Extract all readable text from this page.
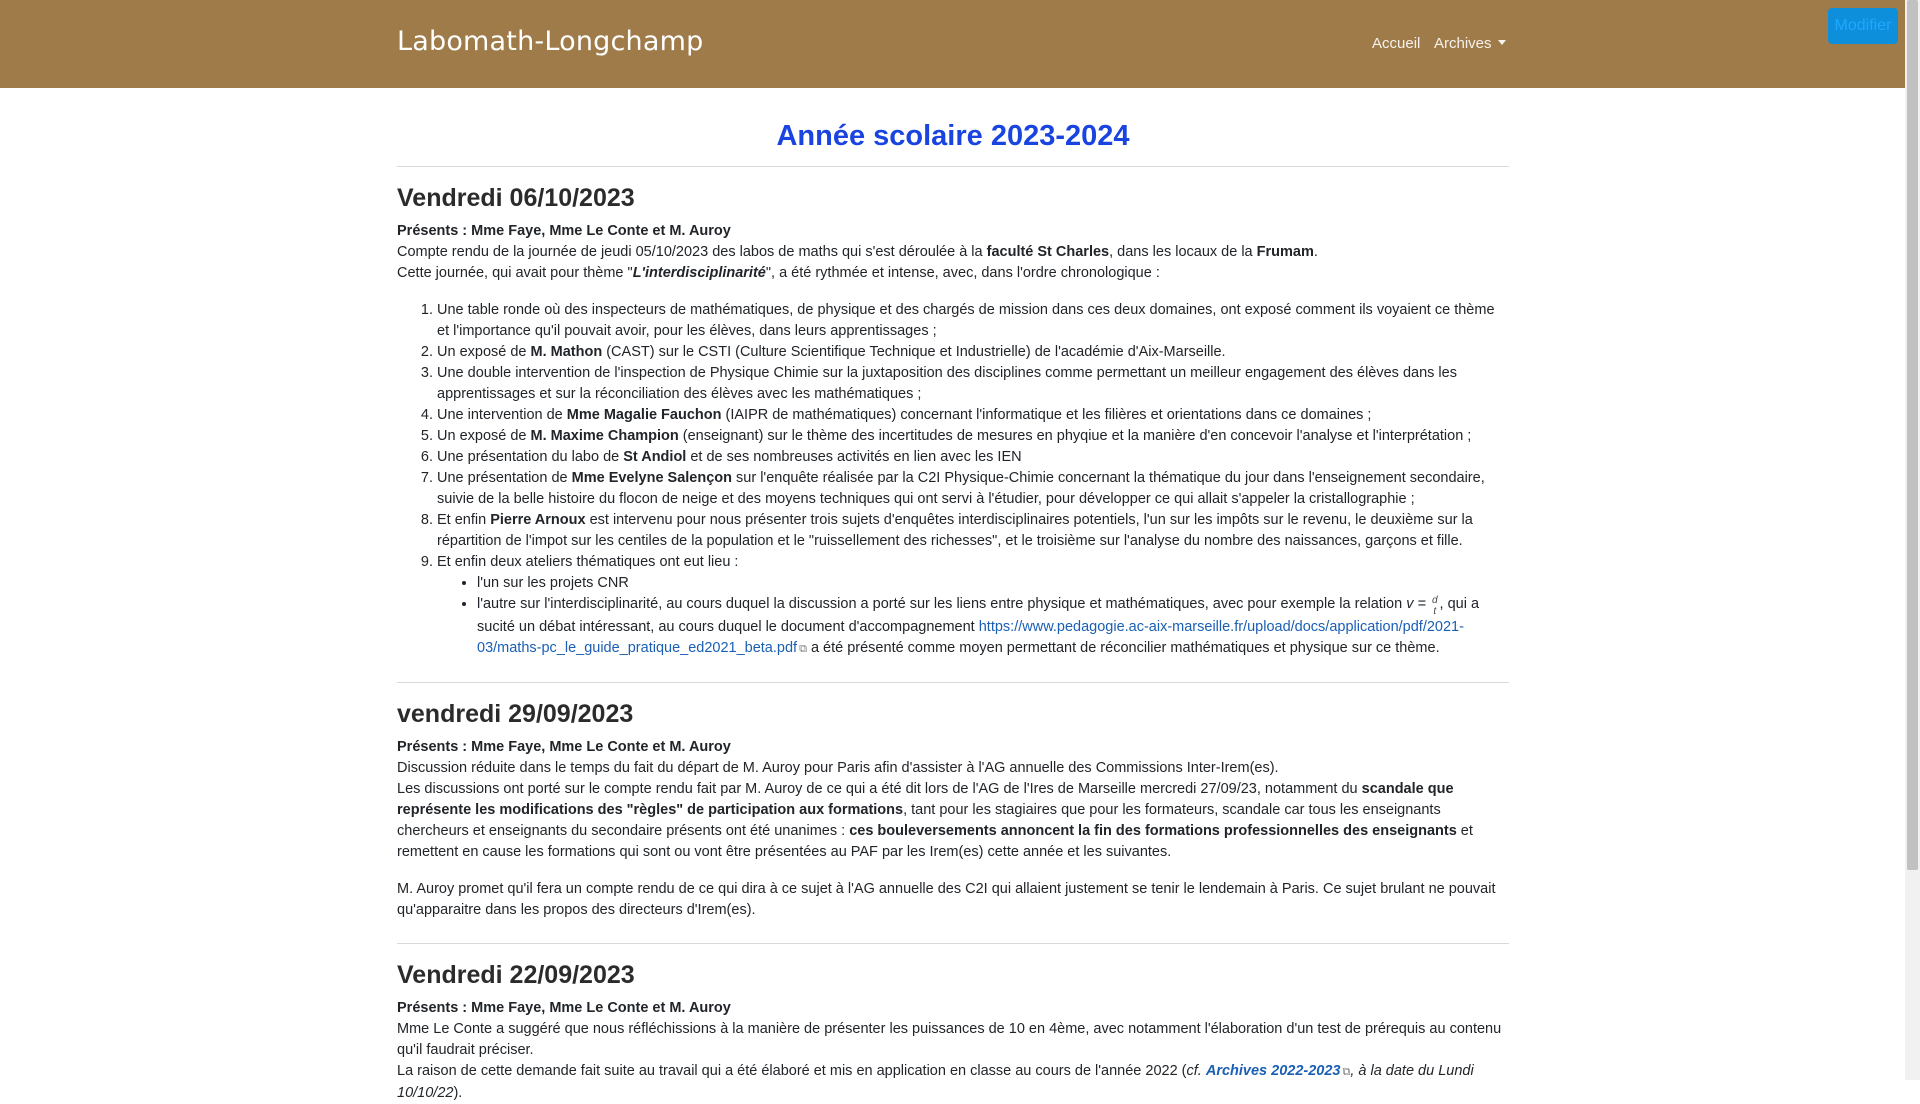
Labomath-Longchamp	Accueil Archives
Modifier
Année scolaire 2023-2024
Vendredi 06/10/2023

Présents : Mme Faye, Mme Le Conte et M. Auroy

Compte rendu de la journée de jeudi 05/10/2023 des labos de maths qui s'est déroulée à la faculté St Charles, dans les locaux de la Frumam.

Cette journée, qui avait pour thème "L'interdisciplinarité", a été rythmée et intense, avec, dans l'ordre chronologique :

1. Une table ronde où des inspecteurs de mathématiques, de physique et des chargés de mission dans ces deux domaines, ont exposé comment ils voyaient ce thème et l'importance qu'il pouvait avoir, pour les élèves, dans leurs apprentissages ;
2. Un exposé de M. Mathon (CAST) sur le CSTI (Culture Scientifique Technique et Industrielle) de l'académie d'Aix-Marseille.
3. Une double intervention de l'inspection de Physique Chimie sur la juxtaposition des disciplines comme permettant un meilleur engagement des élèves dans les apprentissages et sur la réconciliation des élèves avec les mathématiques ;
4. Une intervention de Mme Magalie Fauchon (IAIPR de mathématiques) concernant l'informatique et les filières et orientations dans ce domaines ;
5. Un exposé de M. Maxime Champion (enseignant) sur le thème des incertitudes de mesures en phyqiue et la manière d'en concevoir l'analyse et l'interprétation ;
6. Une présentation du labo de St Andiol et de ses nombreuses activités en lien avec les IEN
7. Une présentation de Mme Evelyne Salençon sur l'enquête réalisée par la C2I Physique-Chimie concernant la thématique du jour dans l'enseignement secondaire, suivie de la belle histoire du flocon de neige et des moyens techniques qui ont servi à l'étudier, pour développer ce qui allait s'appeler la cristallographie ;
8. Et enfin Pierre Arnoux est intervenu pour nous présenter trois sujets d'enquêtes interdisciplinaires potentiels, l'un sur les impôts sur le revenu, le deuxième sur la répartition de l'impot sur les centiles de la population et le "ruissellement des richesses", et le troisième sur l'analyse du nombre des naissances, garçons et fille.
9. Et enfin deux ateliers thématiques ont eut lieu :
• l'un sur les projets CNR
• l'autre sur l'interdisciplinarité, au cours duquel la discussion a porté sur les liens entre physique et mathématiques, avec pour exemple la relation v = d
t , qui a sucité un débat intéressant, au cours duquel le document d'accompagnement https://www.pedagogie.ac-aix-marseille.fr/upload/docs/application/pdf/2021-03/maths-pc_le_guide_pratique_ed2021_beta.pdf ⧉ a été présenté comme moyen permettant de réconcilier mathématiques et physique sur ce thème.
vendredi 29/09/2023

Présents : Mme Faye, Mme Le Conte et M. Auroy

Discussion réduite dans le temps du fait du départ de M. Auroy pour Paris afin d'assister à l'AG annuelle des Commissions Inter-Irem(es).

Les discussions ont porté sur le compte rendu fait par M. Auroy de ce qui a été dit lors de l'AG de l'Ires de Marseille mercredi 27/09/23, notamment du scandale que représente les modifications des "règles" de participation aux formations, tant pour les stagiaires que pour les formateurs, scandale car tous les enseignants chercheurs et enseignants du secondaire présents ont été unanimes : ces bouleversements annoncent la fin des formations professionnelles des enseignants et remettent en cause les formations qui sont ou vont être présentées au PAF par les Irem(es) cette année et les suivantes.

M. Auroy promet qu'il fera un compte rendu de ce qui dira à ce sujet à l'AG annuelle des C2I qui allaient justement se tenir le lendemain à Paris. Ce sujet brulant ne pouvait qu'apparaitre dans les propos des directeurs d'Irem(es).

Vendredi 22/09/2023

Présents : Mme Faye, Mme Le Conte et M. Auroy

Mme Le Conte a suggéré que nous réfléchissions à la manière de présenter les puissances de 10 en 4ème, avec notamment l'élaboration d'un test de prérequis au contenu qu'il faudrait préciser.

La raison de cette demande fait suite au travail qui a été élaboré et mis en application en classe au cours de l'année 2022 (cf. Archives 2022-2023 ⧉, à la date du Lundi 10/10/22).
